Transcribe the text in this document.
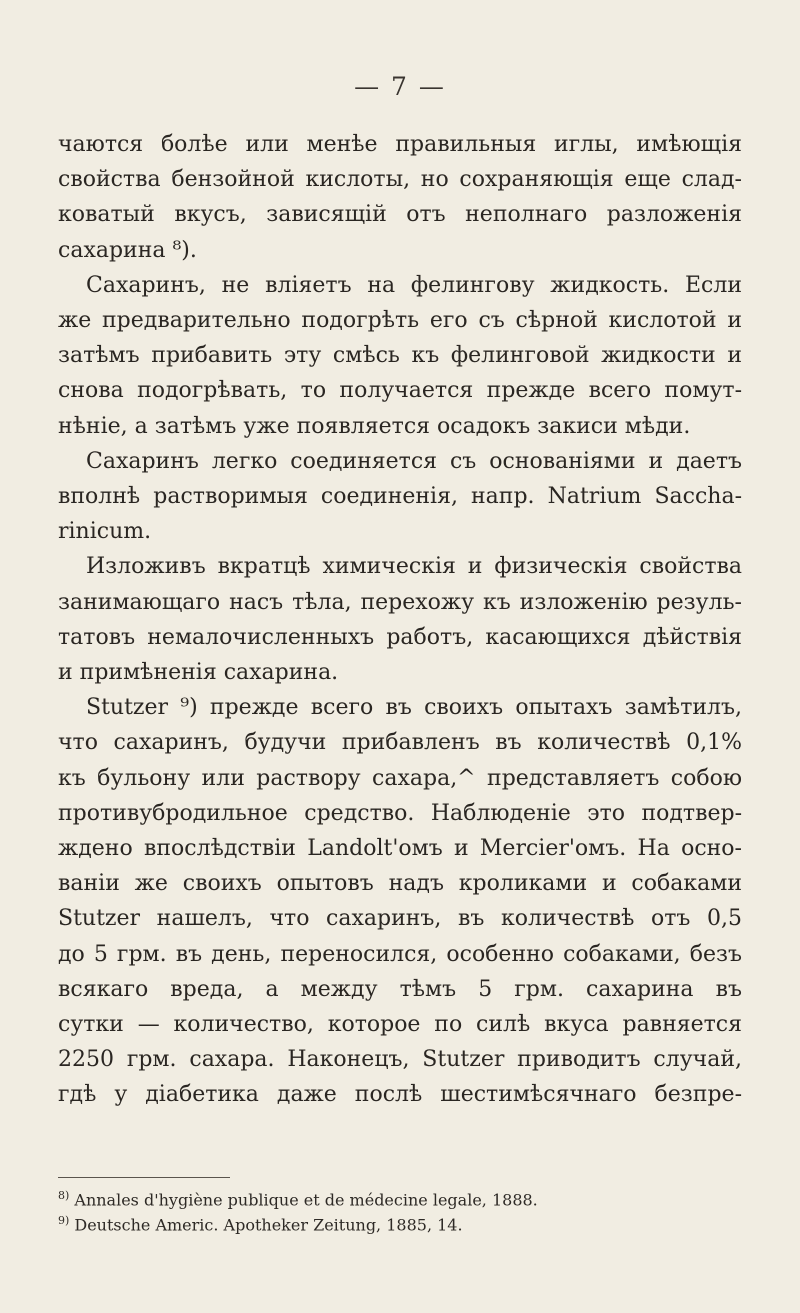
— 7 —
чаются болѣе или менѣе правильныя иглы, имѣющія
свойства бензойной кислоты, но сохраняющія еще слад-
коватый вкусъ, зависящій отъ неполнаго разложенія
сахарина ⁸).
Сахаринъ, не вліяетъ на фелингову жидкость. Если
же предварительно подогрѣть его съ сѣрной кислотой и
затѣмъ прибавить эту смѣсь къ фелинговой жидкости и
снова подогрѣвать, то получается прежде всего помут-
нѣніе, а затѣмъ уже появляется осадокъ закиси мѣди.
Сахаринъ легко соединяется съ основаніями и даетъ
вполнѣ растворимыя соединенія, напр. Natrium Saccha-
rinicum.
Изложивъ вкратцѣ химическія и физическія свойства
занимающаго насъ тѣла, перехожу къ изложенію резуль-
татовъ немалочисленныхъ работъ, касающихся дѣйствія
и примѣненія сахарина.
Stutzer ⁹) прежде всего въ своихъ опытахъ замѣтилъ,
что сахаринъ, будучи прибавленъ въ количествѣ 0,1%
къ бульону или раствору сахара,^ представляетъ собою
противубродильное средство. Наблюденіе это подтвер-
ждено впослѣдствіи Landolt'омъ и Mercier'омъ. На осно-
ваніи же своихъ опытовъ надъ кроликами и собаками
Stutzer нашелъ, что сахаринъ, въ количествѣ отъ 0,5
до 5 грм. въ день, переносился, особенно собаками, безъ
всякаго вреда, а между тѣмъ 5 грм. сахарина въ
сутки — количество, которое по силѣ вкуса равняется
2250 грм. сахара. Наконецъ, Stutzer приводитъ случай,
гдѣ у діабетика даже послѣ шестимѣсячнаго безпре-
$^{8)}$ Annales d'hygiène publique et de médecine legale, 1888.
$^{9)}$ Deutsche Americ. Apotheker Zeitung, 1885, 14.
